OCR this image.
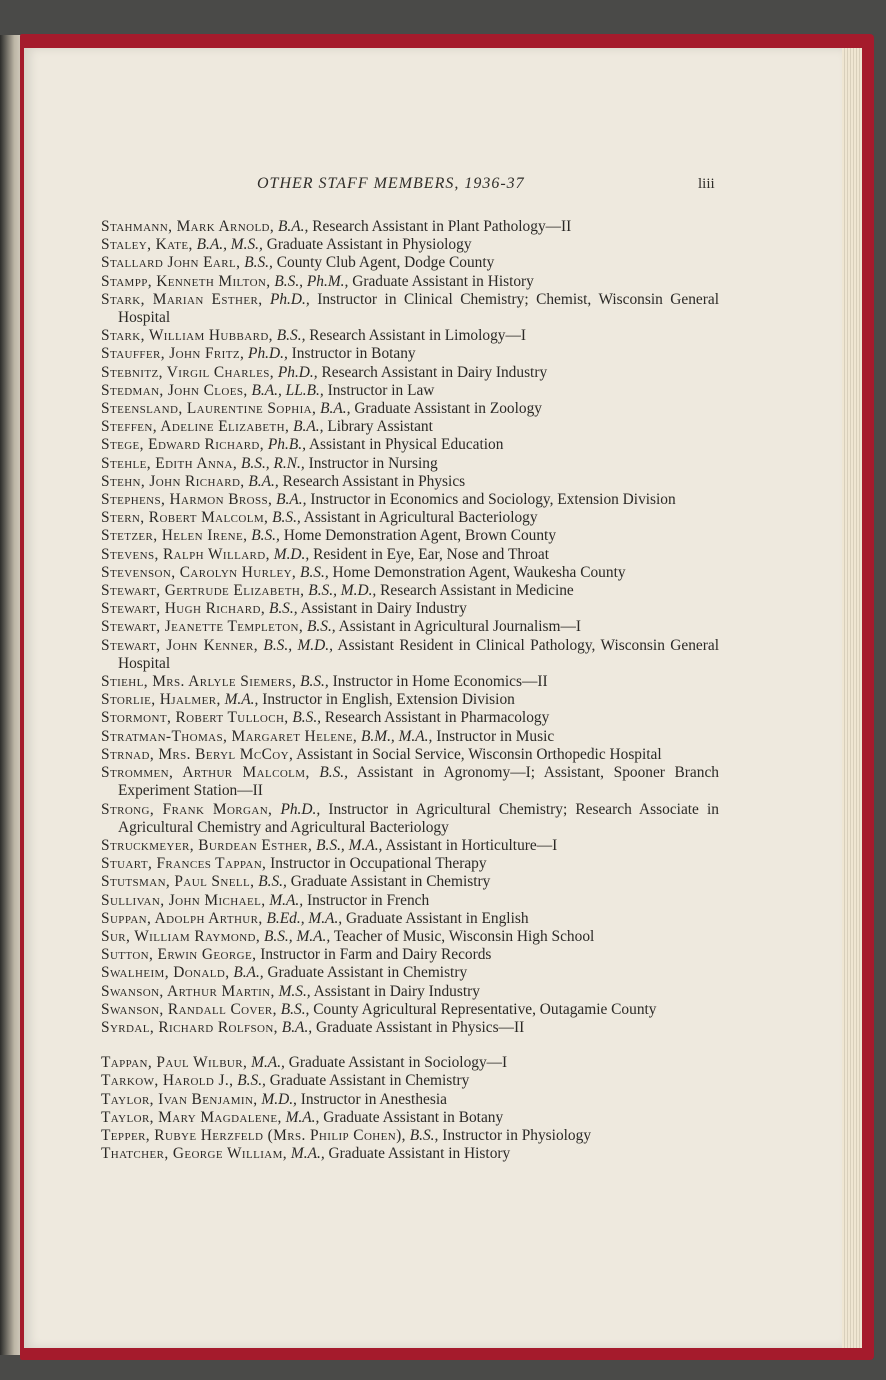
OTHER STAFF MEMBERS, 1936-37	liii
Stahmann, Mark Arnold, B.A., Research Assistant in Plant Pathology—II
Staley, Kate, B.A., M.S., Graduate Assistant in Physiology
Stallard John Earl, B.S., County Club Agent, Dodge County
Stampp, Kenneth Milton, B.S., Ph.M., Graduate Assistant in History
Stark, Marian Esther, Ph.D., Instructor in Clinical Chemistry; Chemist, Wisconsin General Hospital
Stark, William Hubbard, B.S., Research Assistant in Limology—I
Stauffer, John Fritz, Ph.D., Instructor in Botany
Stebnitz, Virgil Charles, Ph.D., Research Assistant in Dairy Industry
Stedman, John Cloes, B.A., LL.B., Instructor in Law
Steensland, Laurentine Sophia, B.A., Graduate Assistant in Zoology
Steffen, Adeline Elizabeth, B.A., Library Assistant
Stege, Edward Richard, Ph.B., Assistant in Physical Education
Stehle, Edith Anna, B.S., R.N., Instructor in Nursing
Stehn, John Richard, B.A., Research Assistant in Physics
Stephens, Harmon Bross, B.A., Instructor in Economics and Sociology, Extension Division
Stern, Robert Malcolm, B.S., Assistant in Agricultural Bacteriology
Stetzer, Helen Irene, B.S., Home Demonstration Agent, Brown County
Stevens, Ralph Willard, M.D., Resident in Eye, Ear, Nose and Throat
Stevenson, Carolyn Hurley, B.S., Home Demonstration Agent, Waukesha County
Stewart, Gertrude Elizabeth, B.S., M.D., Research Assistant in Medicine
Stewart, Hugh Richard, B.S., Assistant in Dairy Industry
Stewart, Jeanette Templeton, B.S., Assistant in Agricultural Journalism—I
Stewart, John Kenner, B.S., M.D., Assistant Resident in Clinical Pathology, Wisconsin General Hospital
Stiehl, Mrs. Arlyle Siemers, B.S., Instructor in Home Economics—II
Storlie, Hjalmer, M.A., Instructor in English, Extension Division
Stormont, Robert Tulloch, B.S., Research Assistant in Pharmacology
Stratman-Thomas, Margaret Helene, B.M., M.A., Instructor in Music
Strnad, Mrs. Beryl McCoy, Assistant in Social Service, Wisconsin Orthopedic Hospital
Strommen, Arthur Malcolm, B.S., Assistant in Agronomy—I; Assistant, Spooner Branch Experiment Station—II
Strong, Frank Morgan, Ph.D., Instructor in Agricultural Chemistry; Research Associate in Agricultural Chemistry and Agricultural Bacteriology
Struckmeyer, Burdean Esther, B.S., M.A., Assistant in Horticulture—I
Stuart, Frances Tappan, Instructor in Occupational Therapy
Stutsman, Paul Snell, B.S., Graduate Assistant in Chemistry
Sullivan, John Michael, M.A., Instructor in French
Suppan, Adolph Arthur, B.Ed., M.A., Graduate Assistant in English
Sur, William Raymond, B.S., M.A., Teacher of Music, Wisconsin High School
Sutton, Erwin George, Instructor in Farm and Dairy Records
Swalheim, Donald, B.A., Graduate Assistant in Chemistry
Swanson, Arthur Martin, M.S., Assistant in Dairy Industry
Swanson, Randall Cover, B.S., County Agricultural Representative, Outagamie County
Syrdal, Richard Rolfson, B.A., Graduate Assistant in Physics—II
Tappan, Paul Wilbur, M.A., Graduate Assistant in Sociology—I
Tarkow, Harold J., B.S., Graduate Assistant in Chemistry
Taylor, Ivan Benjamin, M.D., Instructor in Anesthesia
Taylor, Mary Magdalene, M.A., Graduate Assistant in Botany
Tepper, Rubye Herzfeld (Mrs. Philip Cohen), B.S., Instructor in Physiology
Thatcher, George William, M.A., Graduate Assistant in History
